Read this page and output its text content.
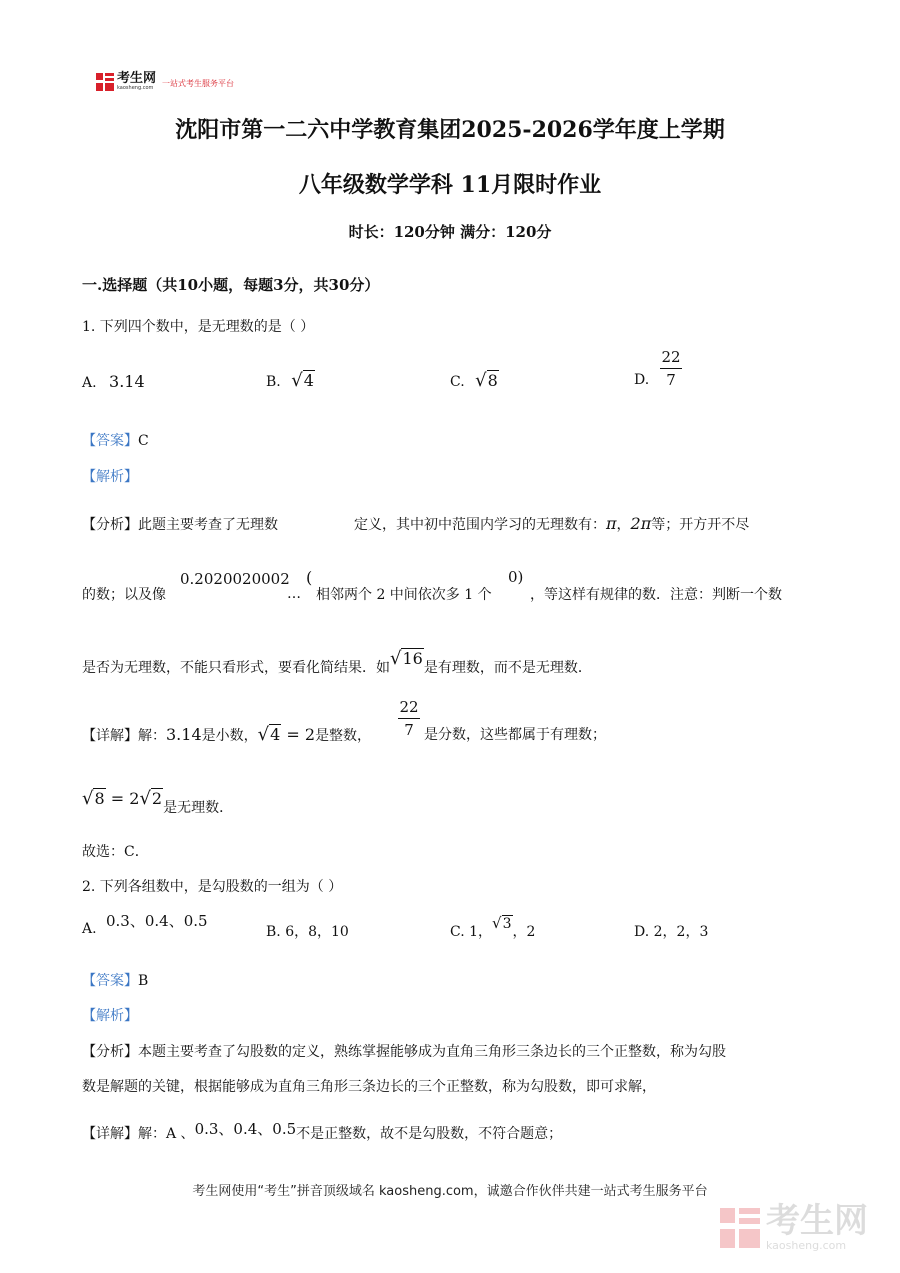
考生网
kaosheng.com	一站式考生服务平台
沈阳市第一二六中学教育集团2025-2026学年度上学期
八年级数学学科 11月限时作业
时长：120分钟 满分：120分
一.选择题（共10小题，每题3分，共30分）
1. 下列四个数中，是无理数的是（ ）
A. 3.14	B. √4	C. √8	D.
22
7
【答案】C
【解析】
【分析】此题主要考查了无理数	定义，其中初中范围内学习的无理数有：π，2π等；开方开不尽
的数；以及像
0.2020020002
…
(
相邻两个 2 中间依次多 1 个
0)
，等这样有规律的数．注意：判断一个数
是否为无理数，不能只看形式，要看化简结果．如√16是有理数，而不是无理数．
【详解】解：3.14是小数，√4 = 2是整数，
22
7 是分数，这些都属于有理数；
√8 = 2√2是无理数．
故选：C．
2. 下列各组数中，是勾股数的一组为（ ）
A. 0.3、0.4、0.5
B. 6，8，10	C. 1，√3，2	D. 2，2，3
【答案】B
【解析】
【分析】本题主要考查了勾股数的定义，熟练掌握能够成为直角三角形三条边长的三个正整数，称为勾股
数是解题的关键，根据能够成为直角三角形三条边长的三个正整数，称为勾股数，即可求解，
【详解】解：A 、0.3、0.4、0.5不是正整数，故不是勾股数，不符合题意；
考生网使用“考生”拼音顶级域名 kaosheng.com，诚邀合作伙伴共建一站式考生服务平台
考生网
kaosheng.com
